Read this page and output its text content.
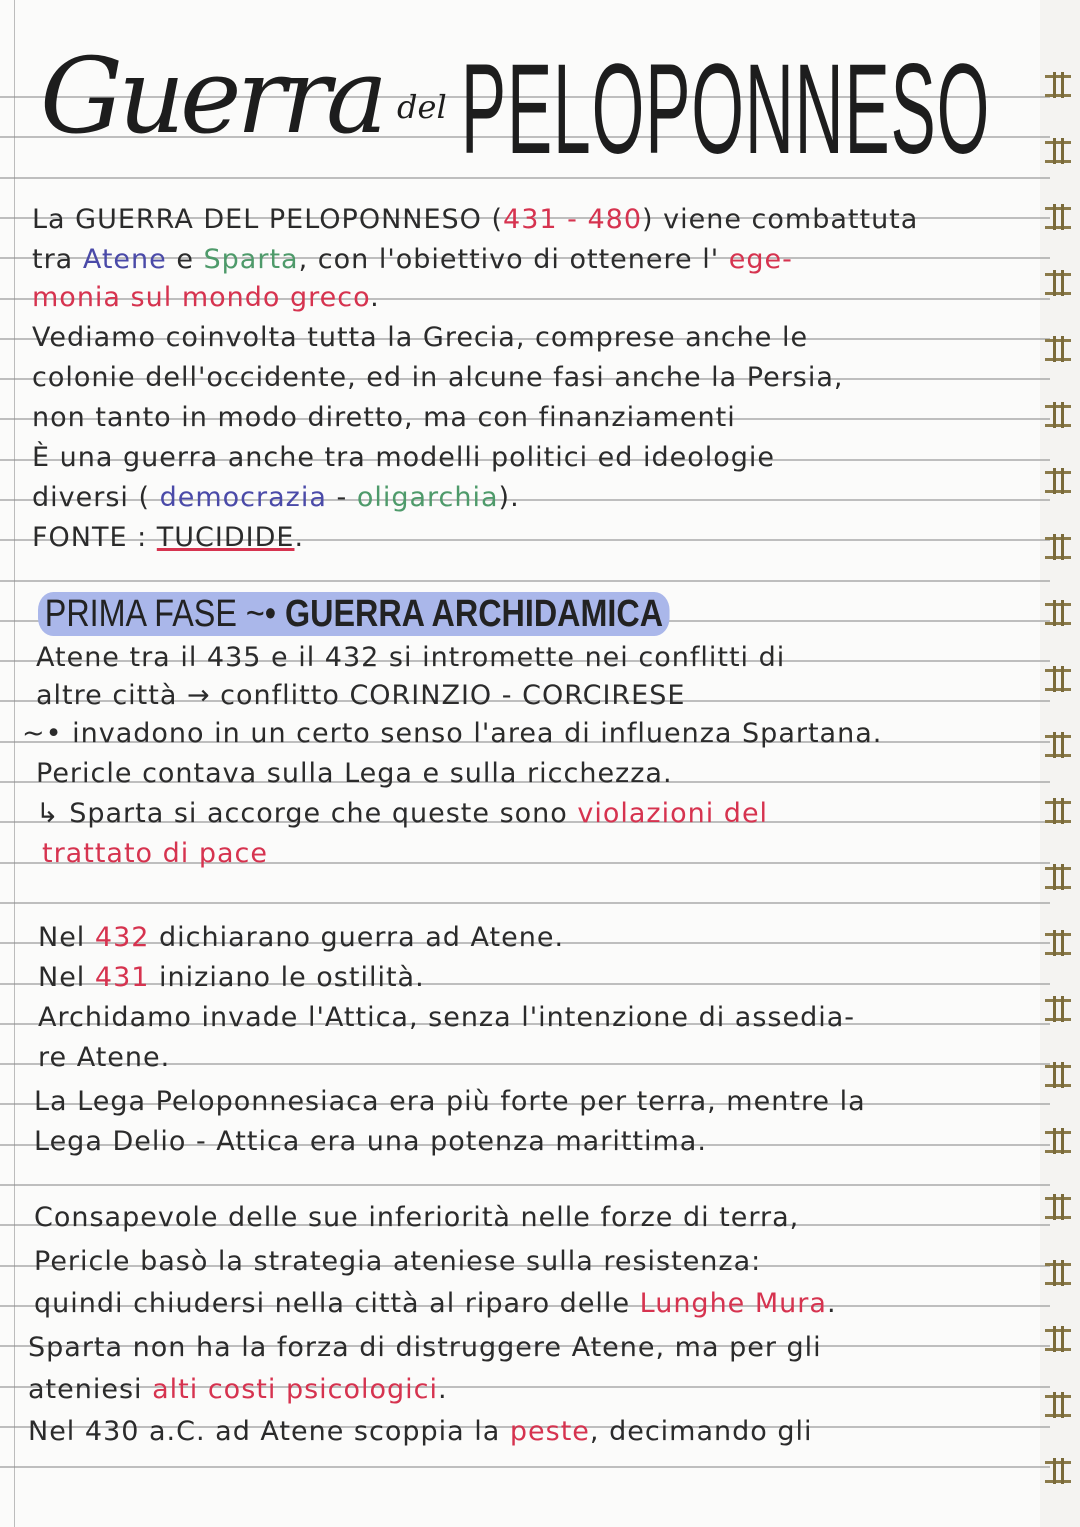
Guerra del PELOPONNESO
PRIMA FASE ~• GUERRA ARCHIDAMICA
La GUERRA DEL PELOPONNESO (431 - 480) viene combattuta
tra Atene e Sparta, con l'obiettivo di ottenere l' ege-
monia sul mondo greco.
Vediamo coinvolta tutta la Grecia, comprese anche le
colonie dell'occidente, ed in alcune fasi anche la Persia,
non tanto in modo diretto, ma con finanziamenti
È una guerra anche tra modelli politici ed ideologie
diversi ( democrazia - oligarchia).
FONTE : TUCIDIDE.
Atene tra il 435 e il 432 si intromette nei conflitti di
altre città → conflitto CORINZIO - CORCIRESE
~• invadono in un certo senso l'area di influenza Spartana.
Pericle contava sulla Lega e sulla ricchezza.
↳ Sparta si accorge che queste sono violazioni del
trattato di pace
Nel 432 dichiarano guerra ad Atene.
Nel 431 iniziano le ostilità.
Archidamo invade l'Attica, senza l'intenzione di assedia-
re Atene.
La Lega Peloponnesiaca era più forte per terra, mentre la
Lega Delio - Attica era una potenza marittima.
Consapevole delle sue inferiorità nelle forze di terra,
Pericle basò la strategia ateniese sulla resistenza:
quindi chiudersi nella città al riparo delle Lunghe Mura.
Sparta non ha la forza di distruggere Atene, ma per gli
ateniesi alti costi psicologici.
Nel 430 a.C. ad Atene scoppia la peste, decimando gli
